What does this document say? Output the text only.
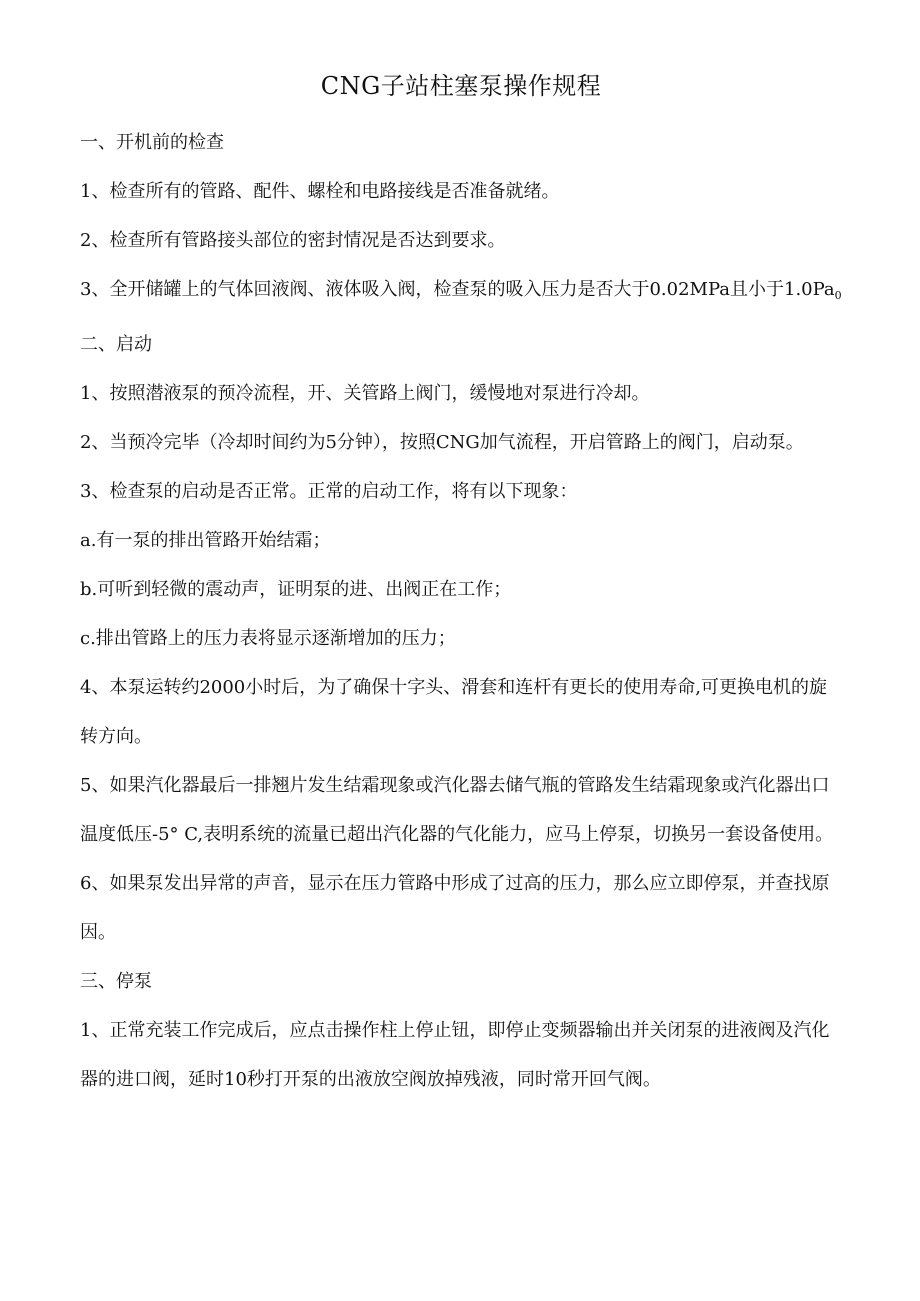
CNG子站柱塞泵操作规程

一、开机前的检查

1、检查所有的管路、配件、螺栓和电路接线是否准备就绪。

2、检查所有管路接头部位的密封情况是否达到要求。

3、全开储罐上的气体回液阀、液体吸入阀，检查泵的吸入压力是否大于0.02MPa且小于$1.0Pa_0$

二、启动

1、按照潜液泵的预冷流程，开、关管路上阀门，缓慢地对泵进行冷却。

2、当预冷完毕（冷却时间约为5分钟），按照CNG加气流程，开启管路上的阀门，启动泵。

3、检查泵的启动是否正常。正常的启动工作，将有以下现象：

a.有一泵的排出管路开始结霜；

b.可听到轻微的震动声，证明泵的进、出阀正在工作；

c.排出管路上的压力表将显示逐渐增加的压力；

4、本泵运转约2000小时后，为了确保十字头、滑套和连杆有更长的使用寿命,可更换电机的旋转方向。

5、如果汽化器最后一排翘片发生结霜现象或汽化器去储气瓶的管路发生结霜现象或汽化器出口温度低压-5° C,表明系统的流量已超出汽化器的气化能力，应马上停泵，切换另一套设备使用。

6、如果泵发出异常的声音，显示在压力管路中形成了过高的压力，那么应立即停泵，并查找原因。

三、停泵

1、正常充装工作完成后，应点击操作柱上停止钮，即停止变频器输出并关闭泵的进液阀及汽化器的进口阀，延时10秒打开泵的出液放空阀放掉残液，同时常开回气阀。
